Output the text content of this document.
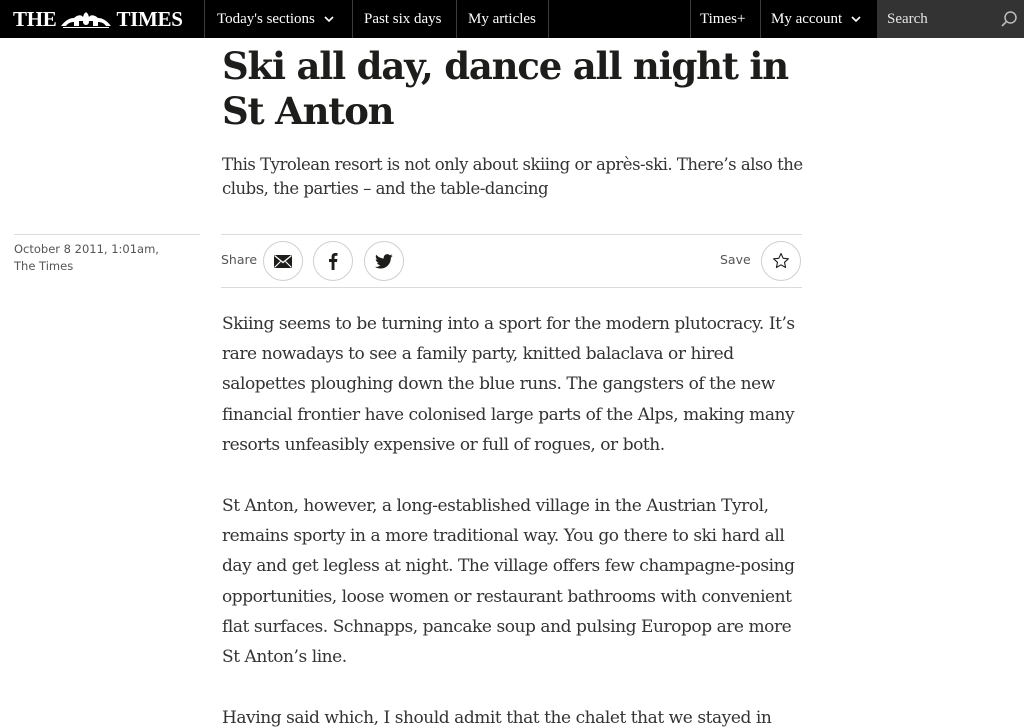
THE	TIMES Today's sections	Past six days My articles	Times+ My account
Search
Ski all day, dance all night in St Anton

This Tyrolean resort is not only about skiing or après-ski. There’s also the clubs, the parties – and the table-dancing

October 8 2011, 1:01am,
The Times	Share	Save

Skiing seems to be turning into a sport for the modern plutocracy. It’s rare nowadays to see a family party, knitted balaclava or hired salopettes ploughing down the blue runs. The gangsters of the new financial frontier have colonised large parts of the Alps, making many resorts unfeasibly expensive or full of rogues, or both.

St Anton, however, a long-established village in the Austrian Tyrol, remains sporty in a more traditional way. You go there to ski hard all day and get legless at night. The village offers few champagne-posing opportunities, loose women or restaurant bathrooms with convenient flat surfaces. Schnapps, pancake soup and pulsing Europop are more St Anton’s line.

Having said which, I should admit that the chalet that we stayed in
